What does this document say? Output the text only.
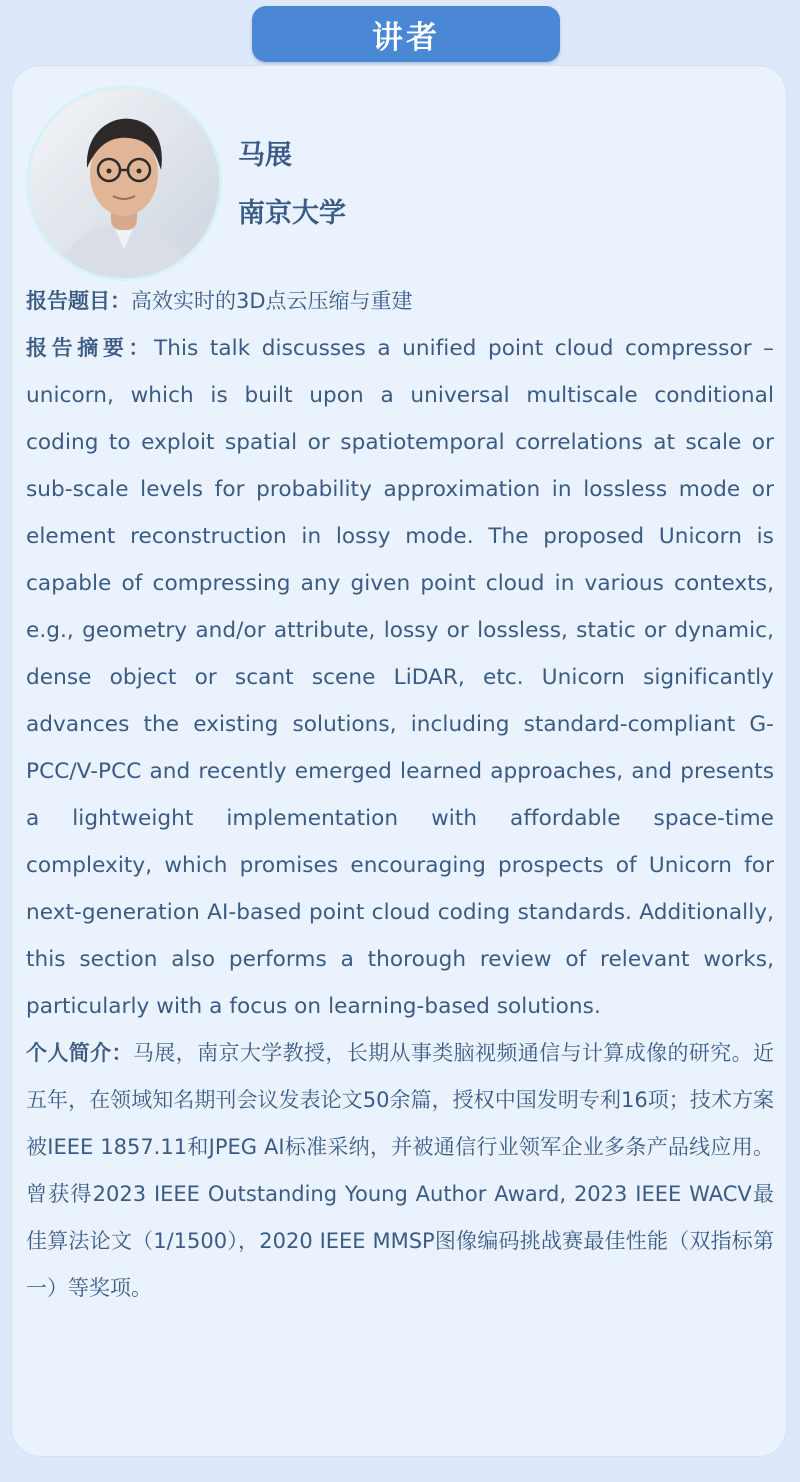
讲者
马展
南京大学

报告题目：高效实时的3D点云压缩与重建

报告摘要：This talk discusses a unified point cloud compressor – unicorn, which is built upon a universal multiscale conditional coding to exploit spatial or spatiotemporal correlations at scale or sub-scale levels for probability approximation in lossless mode or element reconstruction in lossy mode. The proposed Unicorn is capable of compressing any given point cloud in various contexts, e.g., geometry and/or attribute, lossy or lossless, static or dynamic, dense object or scant scene LiDAR, etc. Unicorn significantly advances the existing solutions, including standard-compliant G-PCC/V-PCC and recently emerged learned approaches, and presents a lightweight implementation with affordable space-time complexity, which promises encouraging prospects of Unicorn for next-generation AI-based point cloud coding standards. Additionally, this section also performs a thorough review of relevant works, particularly with a focus on learning-based solutions.

个人简介：马展，南京大学教授，长期从事类脑视频通信与计算成像的研究。近五年，在领域知名期刊会议发表论文50余篇，授权中国发明专利16项；技术方案被IEEE 1857.11和JPEG AI标准采纳，并被通信行业领军企业多条产品线应用。曾获得2023 IEEE Outstanding Young Author Award, 2023 IEEE WACV最佳算法论文（1/1500），2020 IEEE MMSP图像编码挑战赛最佳性能（双指标第一）等奖项。
